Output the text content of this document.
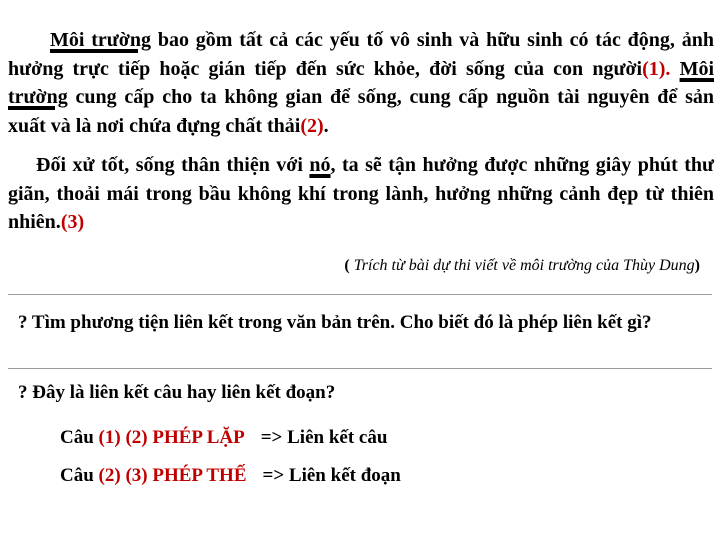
Môi trường bao gồm tất cả các yếu tố vô sinh và hữu sinh có tác động, ảnh hưởng trực tiếp hoặc gián tiếp đến sức khỏe, đời sống của con người(1). Môi trường cung cấp cho ta không gian để sống, cung cấp nguồn tài nguyên để sản xuất và là nơi chứa đựng chất thải(2).

Đối xử tốt, sống thân thiện với nó, ta sẽ tận hưởng được những giây phút thư giãn, thoải mái trong bầu không khí trong lành, hưởng những cảnh đẹp từ thiên nhiên.(3)

( Trích từ bài dự thi viết về môi trường của Thùy Dung)

? Tìm phương tiện liên kết trong văn bản trên. Cho biết đó là phép liên kết gì?

? Đây là liên kết câu hay liên kết đoạn?

Câu (1) (2) PHÉP LẶP => Liên kết câu
Câu (2) (3) PHÉP THẾ => Liên kết đoạn
